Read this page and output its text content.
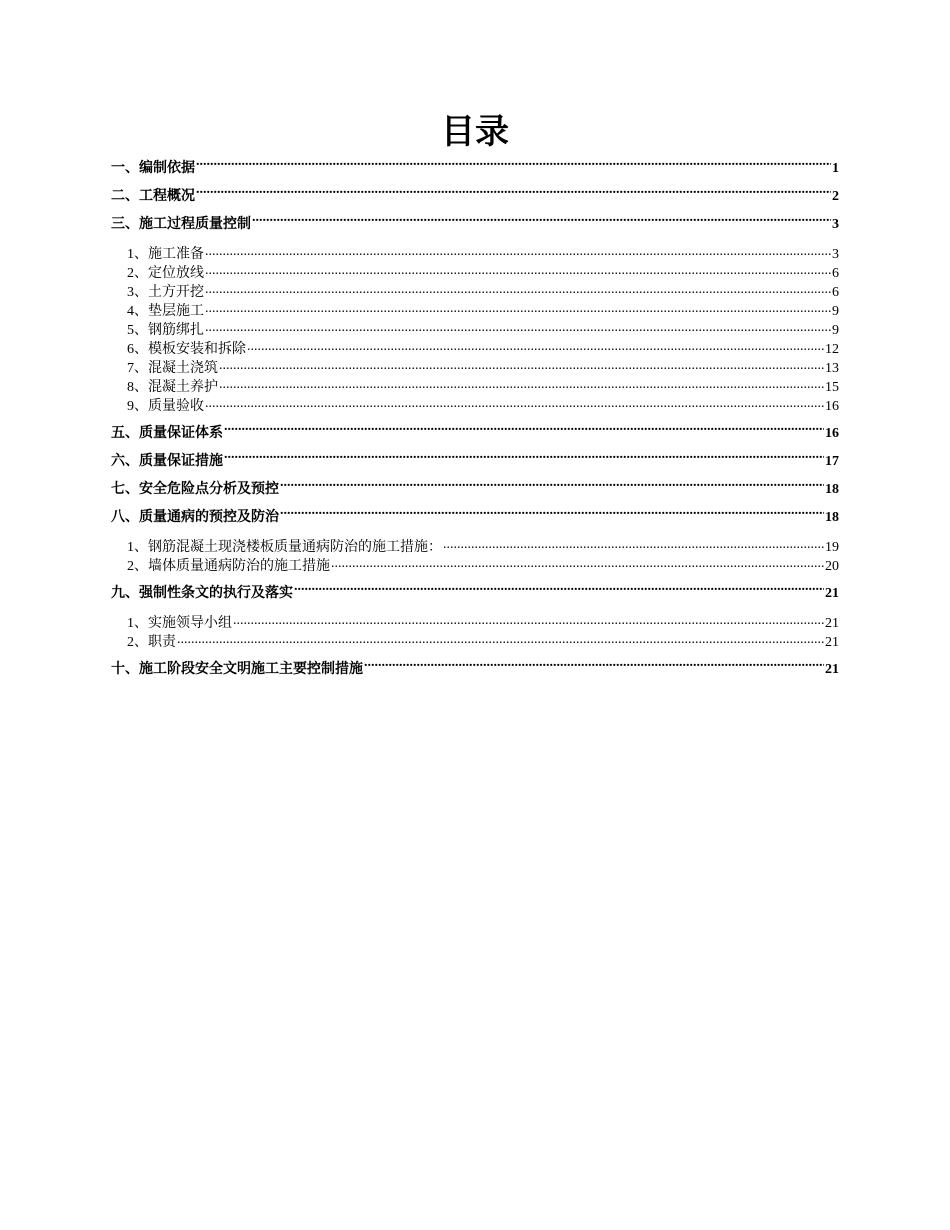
目录
一、编制依据 .....	1
二、工程概况 .....	2
三、施工过程质量控制 .....	3
1、施工准备 .....	3
2、定位放线 .....	6
3、土方开挖 .....	6
4、垫层施工 .....	9
5、钢筋绑扎 .....	9
6、模板安装和拆除 .....	12
7、混凝土浇筑 .....	13
8、混凝土养护 .....	15
9、质量验收 .....	16
五、质量保证体系 .....	16
六、质量保证措施 .....	17
七、安全危险点分析及预控 .....	18
八、质量通病的预控及防治 .....	18
1、钢筋混凝土现浇楼板质量通病防治的施工措施： .....	19
2、墙体质量通病防治的施工措施 .....	20
九、强制性条文的执行及落实 .....	21
1、实施领导小组 .....	21
2、职责 .....	21
十、施工阶段安全文明施工主要控制措施 .....	21
